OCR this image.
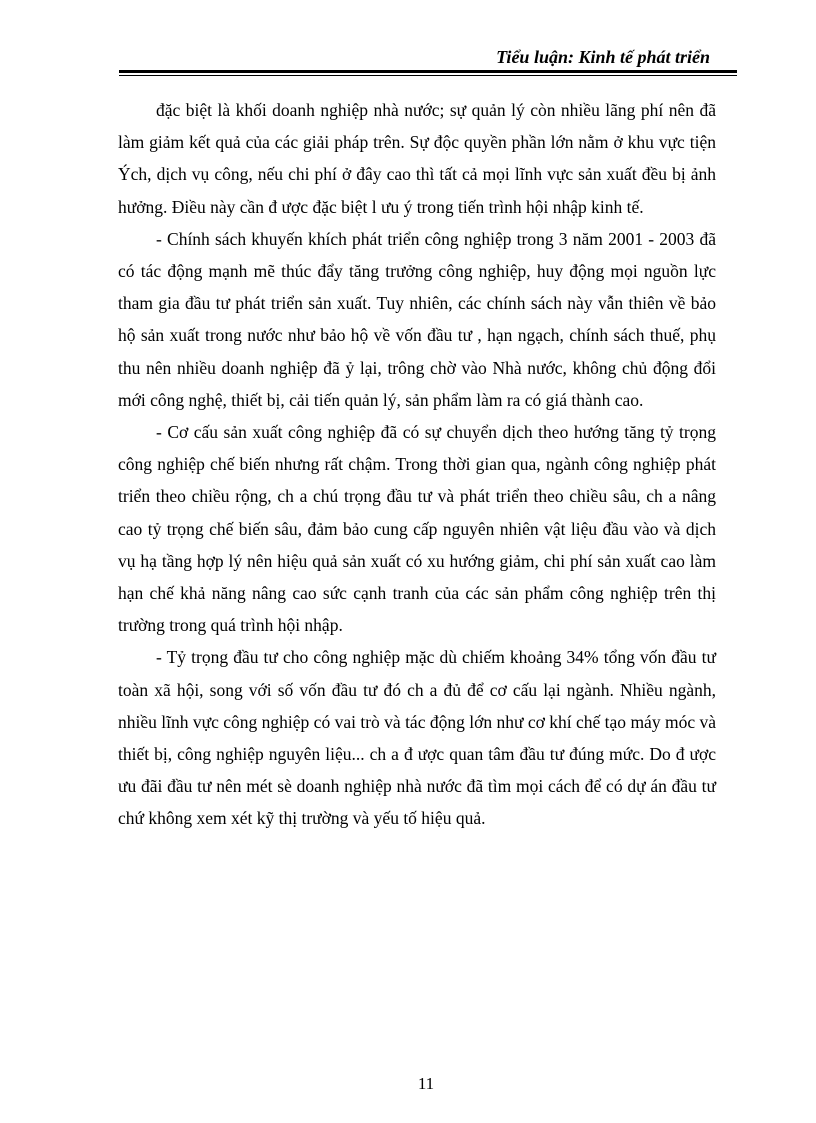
Tiểu luận: Kinh tế phát triển

đặc biệt là khối doanh nghiệp nhà nước; sự quản lý còn nhiều lãng phí nên đã làm giảm kết quả của các giải pháp trên. Sự độc quyền phần lớn nằm ở khu vực tiện Ých, dịch vụ công, nếu chi phí ở đây cao thì tất cả mọi lĩnh vực sản xuất đều bị ảnh hưởng. Điều này cần đ ược đặc biệt l ưu ý trong tiến trình hội nhập kinh tế.

- Chính sách khuyến khích phát triển công nghiệp trong 3 năm 2001 - 2003 đã có tác động mạnh mẽ thúc đẩy tăng trưởng công nghiệp, huy động mọi nguồn lực tham gia đầu tư phát triển sản xuất. Tuy nhiên, các chính sách này vẫn thiên về bảo hộ sản xuất trong nước như bảo hộ về vốn đầu tư , hạn ngạch, chính sách thuế, phụ thu nên nhiều doanh nghiệp đã ỷ lại, trông chờ vào Nhà nước, không chủ động đổi mới công nghệ, thiết bị, cải tiến quản lý, sản phẩm làm ra có giá thành cao.

- Cơ cấu sản xuất công nghiệp đã có sự chuyển dịch theo hướng tăng tỷ trọng công nghiệp chế biến nhưng rất chậm. Trong thời gian qua, ngành công nghiệp phát triển theo chiều rộng, ch a chú trọng đầu tư và phát triển theo chiều sâu, ch a nâng cao tỷ trọng chế biến sâu, đảm bảo cung cấp nguyên nhiên vật liệu đầu vào và dịch vụ hạ tầng hợp lý nên hiệu quả sản xuất có xu hướng giảm, chi phí sản xuất cao làm hạn chế khả năng nâng cao sức cạnh tranh của các sản phẩm công nghiệp trên thị trường trong quá trình hội nhập.

- Tỷ trọng đầu tư cho công nghiệp mặc dù chiếm khoảng 34% tổng vốn đầu tư toàn xã hội, song với số vốn đầu tư đó ch a đủ để cơ cấu lại ngành. Nhiều ngành, nhiều lĩnh vực công nghiệp có vai trò và tác động lớn như cơ khí chế tạo máy móc và thiết bị, công nghiệp nguyên liệu... ch a đ ược quan tâm đầu tư đúng mức. Do đ ược ưu đãi đầu tư nên mét sè doanh nghiệp nhà nước đã tìm mọi cách để có dự án đầu tư chứ không xem xét kỹ thị trường và yếu tố hiệu quả.

11
